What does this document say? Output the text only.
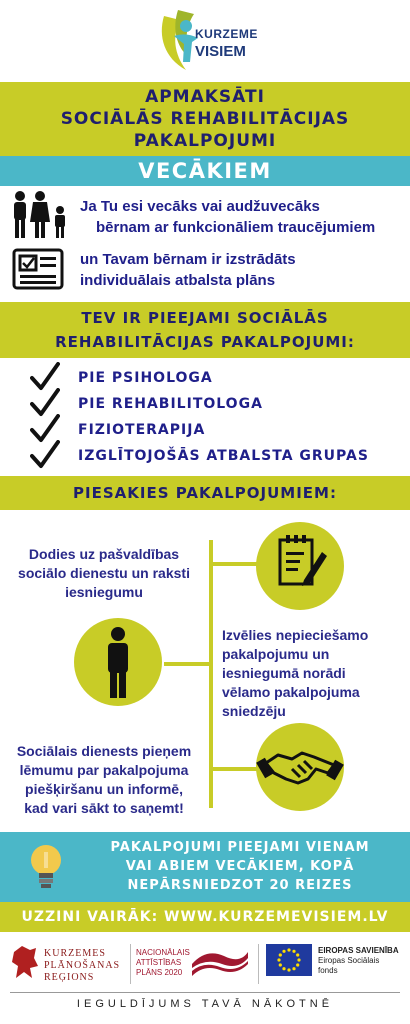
KURZEME
VISIEM
APMAKSĀTI
SOCIĀLĀS REHABILITĀCIJAS
PAKALPOJUMI
VECĀKIEM
Ja Tu esi vecāks vai audžuvecāks
bērnam ar funkcionāliem traucējumiem
un Tavam bērnam ir izstrādāts
individuālais atbalsta plāns
TEV IR PIEEJAMI SOCIĀLĀS
REHABILITĀCIJAS PAKALPOJUMI:
PIE PSIHOLOGA
PIE REHABILITOLOGA
FIZIOTERAPIJA
IZGLĪTOJOŠĀS ATBALSTA GRUPAS
PIESAKIES PAKALPOJUMIEM:
Dodies uz pašvaldības
sociālo dienestu un raksti
iesniegumu
Izvēlies nepieciešamo
pakalpojumu un
iesniegumā norādi
vēlamo pakalpojuma
sniedzēju
Sociālais dienests pieņem
lēmumu par pakalpojuma
piešķiršanu un informē,
kad vari sākt to saņemt!
PAKALPOJUMI PIEEJAMI VIENAM
VAI ABIEM VECĀKIEM, KOPĀ
NEPĀRSNIEDZOT 20 REIZES
UZZINI VAIRĀK: WWW.KURZEMEVISIEM.LV
KURZEMES
PLĀNOŠANAS
REĢIONS
NACIONĀLAIS
ATTĪSTĪBAS
PLĀNS 2020
EIROPAS SAVIENĪBA
Eiropas Sociālais
fonds
IEGULDĪJUMS TAVĀ NĀKOTNĒ
